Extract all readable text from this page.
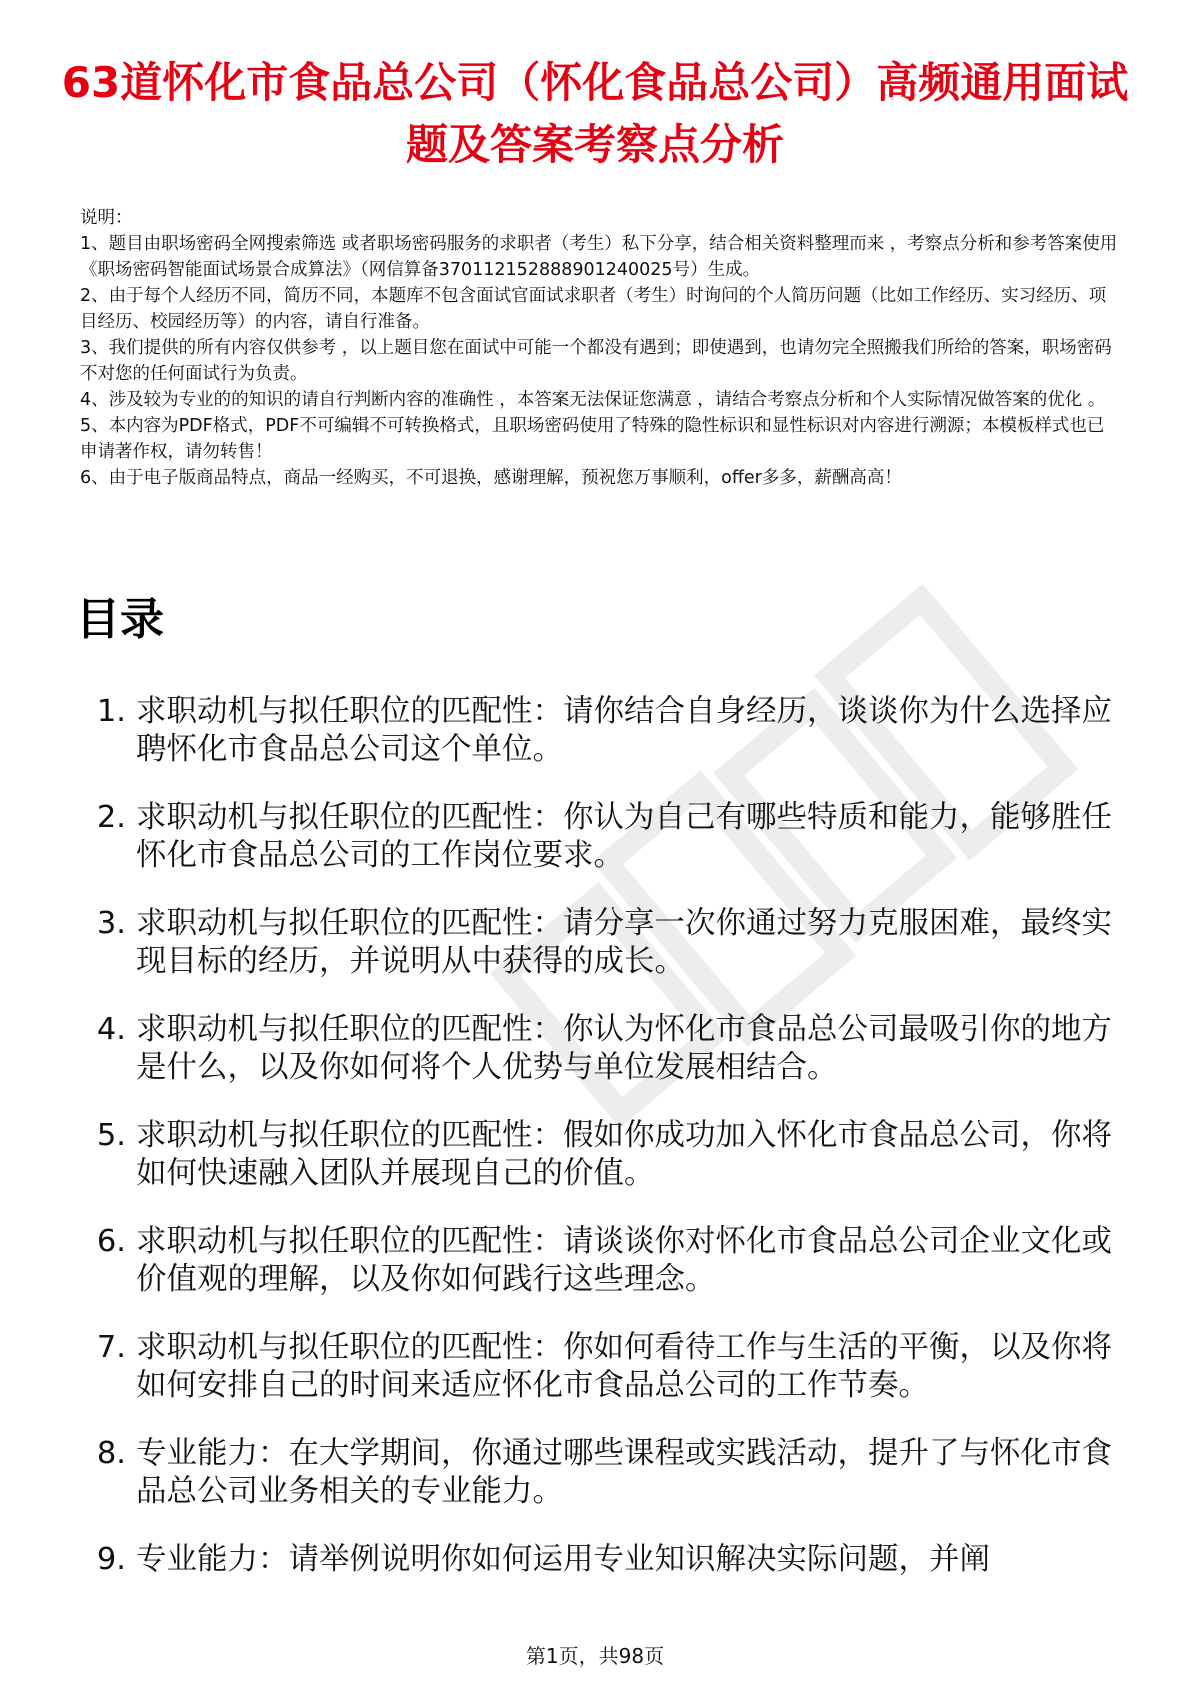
63道怀化市食品总公司（怀化食品总公司）高频通用面试题及答案考察点分析
说明：
1、题目由职场密码全网搜索筛选 或者职场密码服务的求职者（考生）私下分享，结合相关资料整理而来 ，考察点分析和参考答案使用《职场密码智能面试场景合成算法》（网信算备370112152888901240025号）生成。
2、由于每个人经历不同，简历不同，本题库不包含面试官面试求职者（考生）时询问的个人简历问题（比如工作经历、实习经历、项目经历、校园经历等）的内容，请自行准备。
3、我们提供的所有内容仅供参考 ，以上题目您在面试中可能一个都没有遇到；即使遇到，也请勿完全照搬我们所给的答案，职场密码不对您的任何面试行为负责。
4、涉及较为专业的的知识的请自行判断内容的准确性 ，本答案无法保证您满意 ，请结合考察点分析和个人实际情况做答案的优化 。
5、本内容为PDF格式，PDF不可编辑不可转换格式，且职场密码使用了特殊的隐性标识和显性标识对内容进行溯源；本模板样式也已申请著作权，请勿转售！
6、由于电子版商品特点，商品一经购买，不可退换，感谢理解，预祝您万事顺利，offer多多，薪酬高高！
目录
1. 求职动机与拟任职位的匹配性：请你结合自身经历，谈谈你为什么选择应聘怀化市食品总公司这个单位。
2. 求职动机与拟任职位的匹配性：你认为自己有哪些特质和能力，能够胜任怀化市食品总公司的工作岗位要求。
3. 求职动机与拟任职位的匹配性：请分享一次你通过努力克服困难，最终实现目标的经历，并说明从中获得的成长。
4. 求职动机与拟任职位的匹配性：你认为怀化市食品总公司最吸引你的地方是什么，以及你如何将个人优势与单位发展相结合。
5. 求职动机与拟任职位的匹配性：假如你成功加入怀化市食品总公司，你将如何快速融入团队并展现自己的价值。
6. 求职动机与拟任职位的匹配性：请谈谈你对怀化市食品总公司企业文化或价值观的理解，以及你如何践行这些理念。
7. 求职动机与拟任职位的匹配性：你如何看待工作与生活的平衡，以及你将如何安排自己的时间来适应怀化市食品总公司的工作节奏。
8. 专业能力：在大学期间，你通过哪些课程或实践活动，提升了与怀化市食品总公司业务相关的专业能力。
9. 专业能力：请举例说明你如何运用专业知识解决实际问题，并阐
第1页，共98页
